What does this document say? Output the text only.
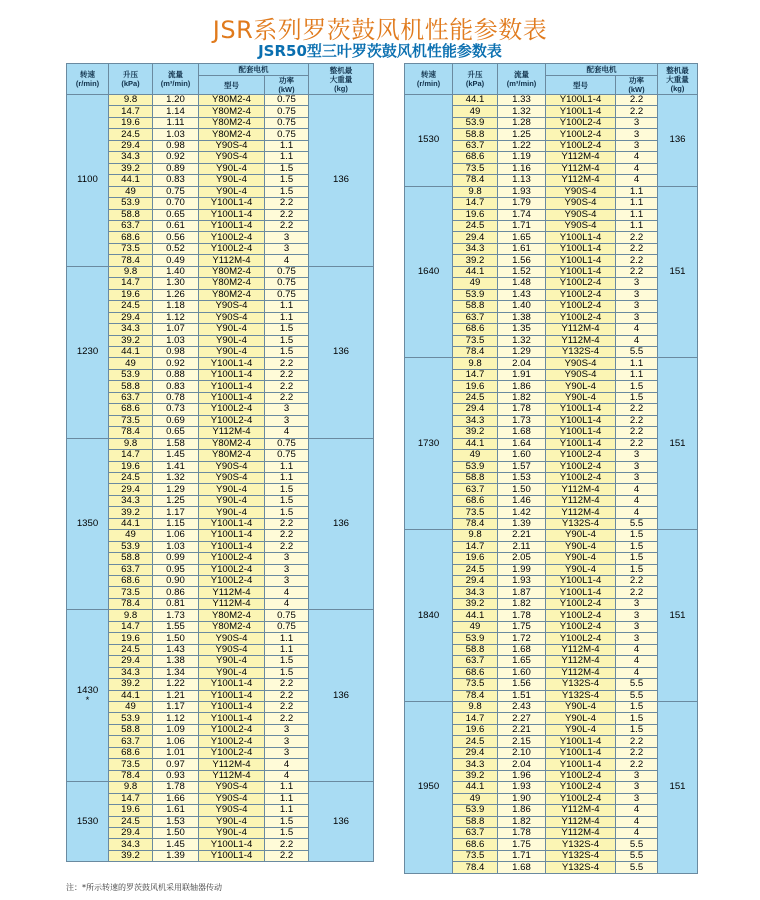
JSR系列罗茨鼓风机性能参数表
JSR50型三叶罗茨鼓风机性能参数表
转速
(r/min)	升压
(kPa)	流量
(m³/min)	配套电机		整机最
大重量
(kg)
			型号	功率
(kW)	
1100	9.8	1.20	Y80M2-4	0.75	136
	14.7	1.14	Y80M2-4	0.75	
	19.6	1.11	Y80M2-4	0.75	
	24.5	1.03	Y80M2-4	0.75	
	29.4	0.98	Y90S-4	1.1	
	34.3	0.92	Y90S-4	1.1	
	39.2	0.89	Y90L-4	1.5	
	44.1	0.83	Y90L-4	1.5	
	49	0.75	Y90L-4	1.5	
	53.9	0.70	Y100L1-4	2.2	
	58.8	0.65	Y100L1-4	2.2	
	63.7	0.61	Y100L1-4	2.2	
	68.6	0.56	Y100L2-4	3	
	73.5	0.52	Y100L2-4	3	
	78.4	0.49	Y112M-4	4	
1230	9.8	1.40	Y80M2-4	0.75	136
	14.7	1.30	Y80M2-4	0.75	
	19.6	1.26	Y80M2-4	0.75	
	24.5	1.18	Y90S-4	1.1	
	29.4	1.12	Y90S-4	1.1	
	34.3	1.07	Y90L-4	1.5	
	39.2	1.03	Y90L-4	1.5	
	44.1	0.98	Y90L-4	1.5	
	49	0.92	Y100L1-4	2.2	
	53.9	0.88	Y100L1-4	2.2	
	58.8	0.83	Y100L1-4	2.2	
	63.7	0.78	Y100L1-4	2.2	
	68.6	0.73	Y100L2-4	3	
	73.5	0.69	Y100L2-4	3	
	78.4	0.65	Y112M-4	4	
1350	9.8	1.58	Y80M2-4	0.75	136
	14.7	1.45	Y80M2-4	0.75	
	19.6	1.41	Y90S-4	1.1	
	24.5	1.32	Y90S-4	1.1	
	29.4	1.29	Y90L-4	1.5	
	34.3	1.25	Y90L-4	1.5	
	39.2	1.17	Y90L-4	1.5	
	44.1	1.15	Y100L1-4	2.2	
	49	1.06	Y100L1-4	2.2	
	53.9	1.03	Y100L1-4	2.2	
	58.8	0.99	Y100L2-4	3	
	63.7	0.95	Y100L2-4	3	
	68.6	0.90	Y100L2-4	3	
	73.5	0.86	Y112M-4	4	
	78.4	0.81	Y112M-4	4	
1430
*	9.8	1.73	Y80M2-4	0.75	136
	14.7	1.55	Y80M2-4	0.75	
	19.6	1.50	Y90S-4	1.1	
	24.5	1.43	Y90S-4	1.1	
	29.4	1.38	Y90L-4	1.5	
	34.3	1.34	Y90L-4	1.5	
	39.2	1.22	Y100L1-4	2.2	
	44.1	1.21	Y100L1-4	2.2	
	49	1.17	Y100L1-4	2.2	
	53.9	1.12	Y100L1-4	2.2	
	58.8	1.09	Y100L2-4	3	
	63.7	1.06	Y100L2-4	3	
	68.6	1.01	Y100L2-4	3	
	73.5	0.97	Y112M-4	4	
	78.4	0.93	Y112M-4	4	
1530	9.8	1.78	Y90S-4	1.1	136
	14.7	1.66	Y90S-4	1.1	
	19.6	1.61	Y90S-4	1.1	
	24.5	1.53	Y90L-4	1.5	
	29.4	1.50	Y90L-4	1.5	
	34.3	1.45	Y100L1-4	2.2	
	39.2	1.39	Y100L1-4	2.2	
转速
(r/min)	升压
(kPa)	流量
(m³/min)	配套电机		整机最
大重量
(kg)
			型号	功率
(kW)	
1530	44.1	1.33	Y100L1-4	2.2	136
	49	1.32	Y100L1-4	2.2	
	53.9	1.28	Y100L2-4	3	
	58.8	1.25	Y100L2-4	3	
	63.7	1.22	Y100L2-4	3	
	68.6	1.19	Y112M-4	4	
	73.5	1.16	Y112M-4	4	
	78.4	1.13	Y112M-4	4	
1640	9.8	1.93	Y90S-4	1.1	151
	14.7	1.79	Y90S-4	1.1	
	19.6	1.74	Y90S-4	1.1	
	24.5	1.71	Y90S-4	1.1	
	29.4	1.65	Y100L1-4	2.2	
	34.3	1.61	Y100L1-4	2.2	
	39.2	1.56	Y100L1-4	2.2	
	44.1	1.52	Y100L1-4	2.2	
	49	1.48	Y100L2-4	3	
	53.9	1.43	Y100L2-4	3	
	58.8	1.40	Y100L2-4	3	
	63.7	1.38	Y100L2-4	3	
	68.6	1.35	Y112M-4	4	
	73.5	1.32	Y112M-4	4	
	78.4	1.29	Y132S-4	5.5	
1730	9.8	2.04	Y90S-4	1.1	151
	14.7	1.91	Y90S-4	1.1	
	19.6	1.86	Y90L-4	1.5	
	24.5	1.82	Y90L-4	1.5	
	29.4	1.78	Y100L1-4	2.2	
	34.3	1.73	Y100L1-4	2.2	
	39.2	1.68	Y100L1-4	2.2	
	44.1	1.64	Y100L1-4	2.2	
	49	1.60	Y100L2-4	3	
	53.9	1.57	Y100L2-4	3	
	58.8	1.53	Y100L2-4	3	
	63.7	1.50	Y112M-4	4	
	68.6	1.46	Y112M-4	4	
	73.5	1.42	Y112M-4	4	
	78.4	1.39	Y132S-4	5.5	
1840	9.8	2.21	Y90L-4	1.5	151
	14.7	2.11	Y90L-4	1.5	
	19.6	2.05	Y90L-4	1.5	
	24.5	1.99	Y90L-4	1.5	
	29.4	1.93	Y100L1-4	2.2	
	34.3	1.87	Y100L1-4	2.2	
	39.2	1.82	Y100L2-4	3	
	44.1	1.78	Y100L2-4	3	
	49	1.75	Y100L2-4	3	
	53.9	1.72	Y100L2-4	3	
	58.8	1.68	Y112M-4	4	
	63.7	1.65	Y112M-4	4	
	68.6	1.60	Y112M-4	4	
	73.5	1.56	Y132S-4	5.5	
	78.4	1.51	Y132S-4	5.5	
1950	9.8	2.43	Y90L-4	1.5	151
	14.7	2.27	Y90L-4	1.5	
	19.6	2.21	Y90L-4	1.5	
	24.5	2.15	Y100L1-4	2.2	
	29.4	2.10	Y100L1-4	2.2	
	34.3	2.04	Y100L1-4	2.2	
	39.2	1.96	Y100L2-4	3	
	44.1	1.93	Y100L2-4	3	
	49	1.90	Y100L2-4	3	
	53.9	1.86	Y112M-4	4	
	58.8	1.82	Y112M-4	4	
	63.7	1.78	Y112M-4	4	
	68.6	1.75	Y132S-4	5.5	
	73.5	1.71	Y132S-4	5.5	
	78.4	1.68	Y132S-4	5.5	
注：*所示转速的罗茨鼓风机采用联轴器传动
